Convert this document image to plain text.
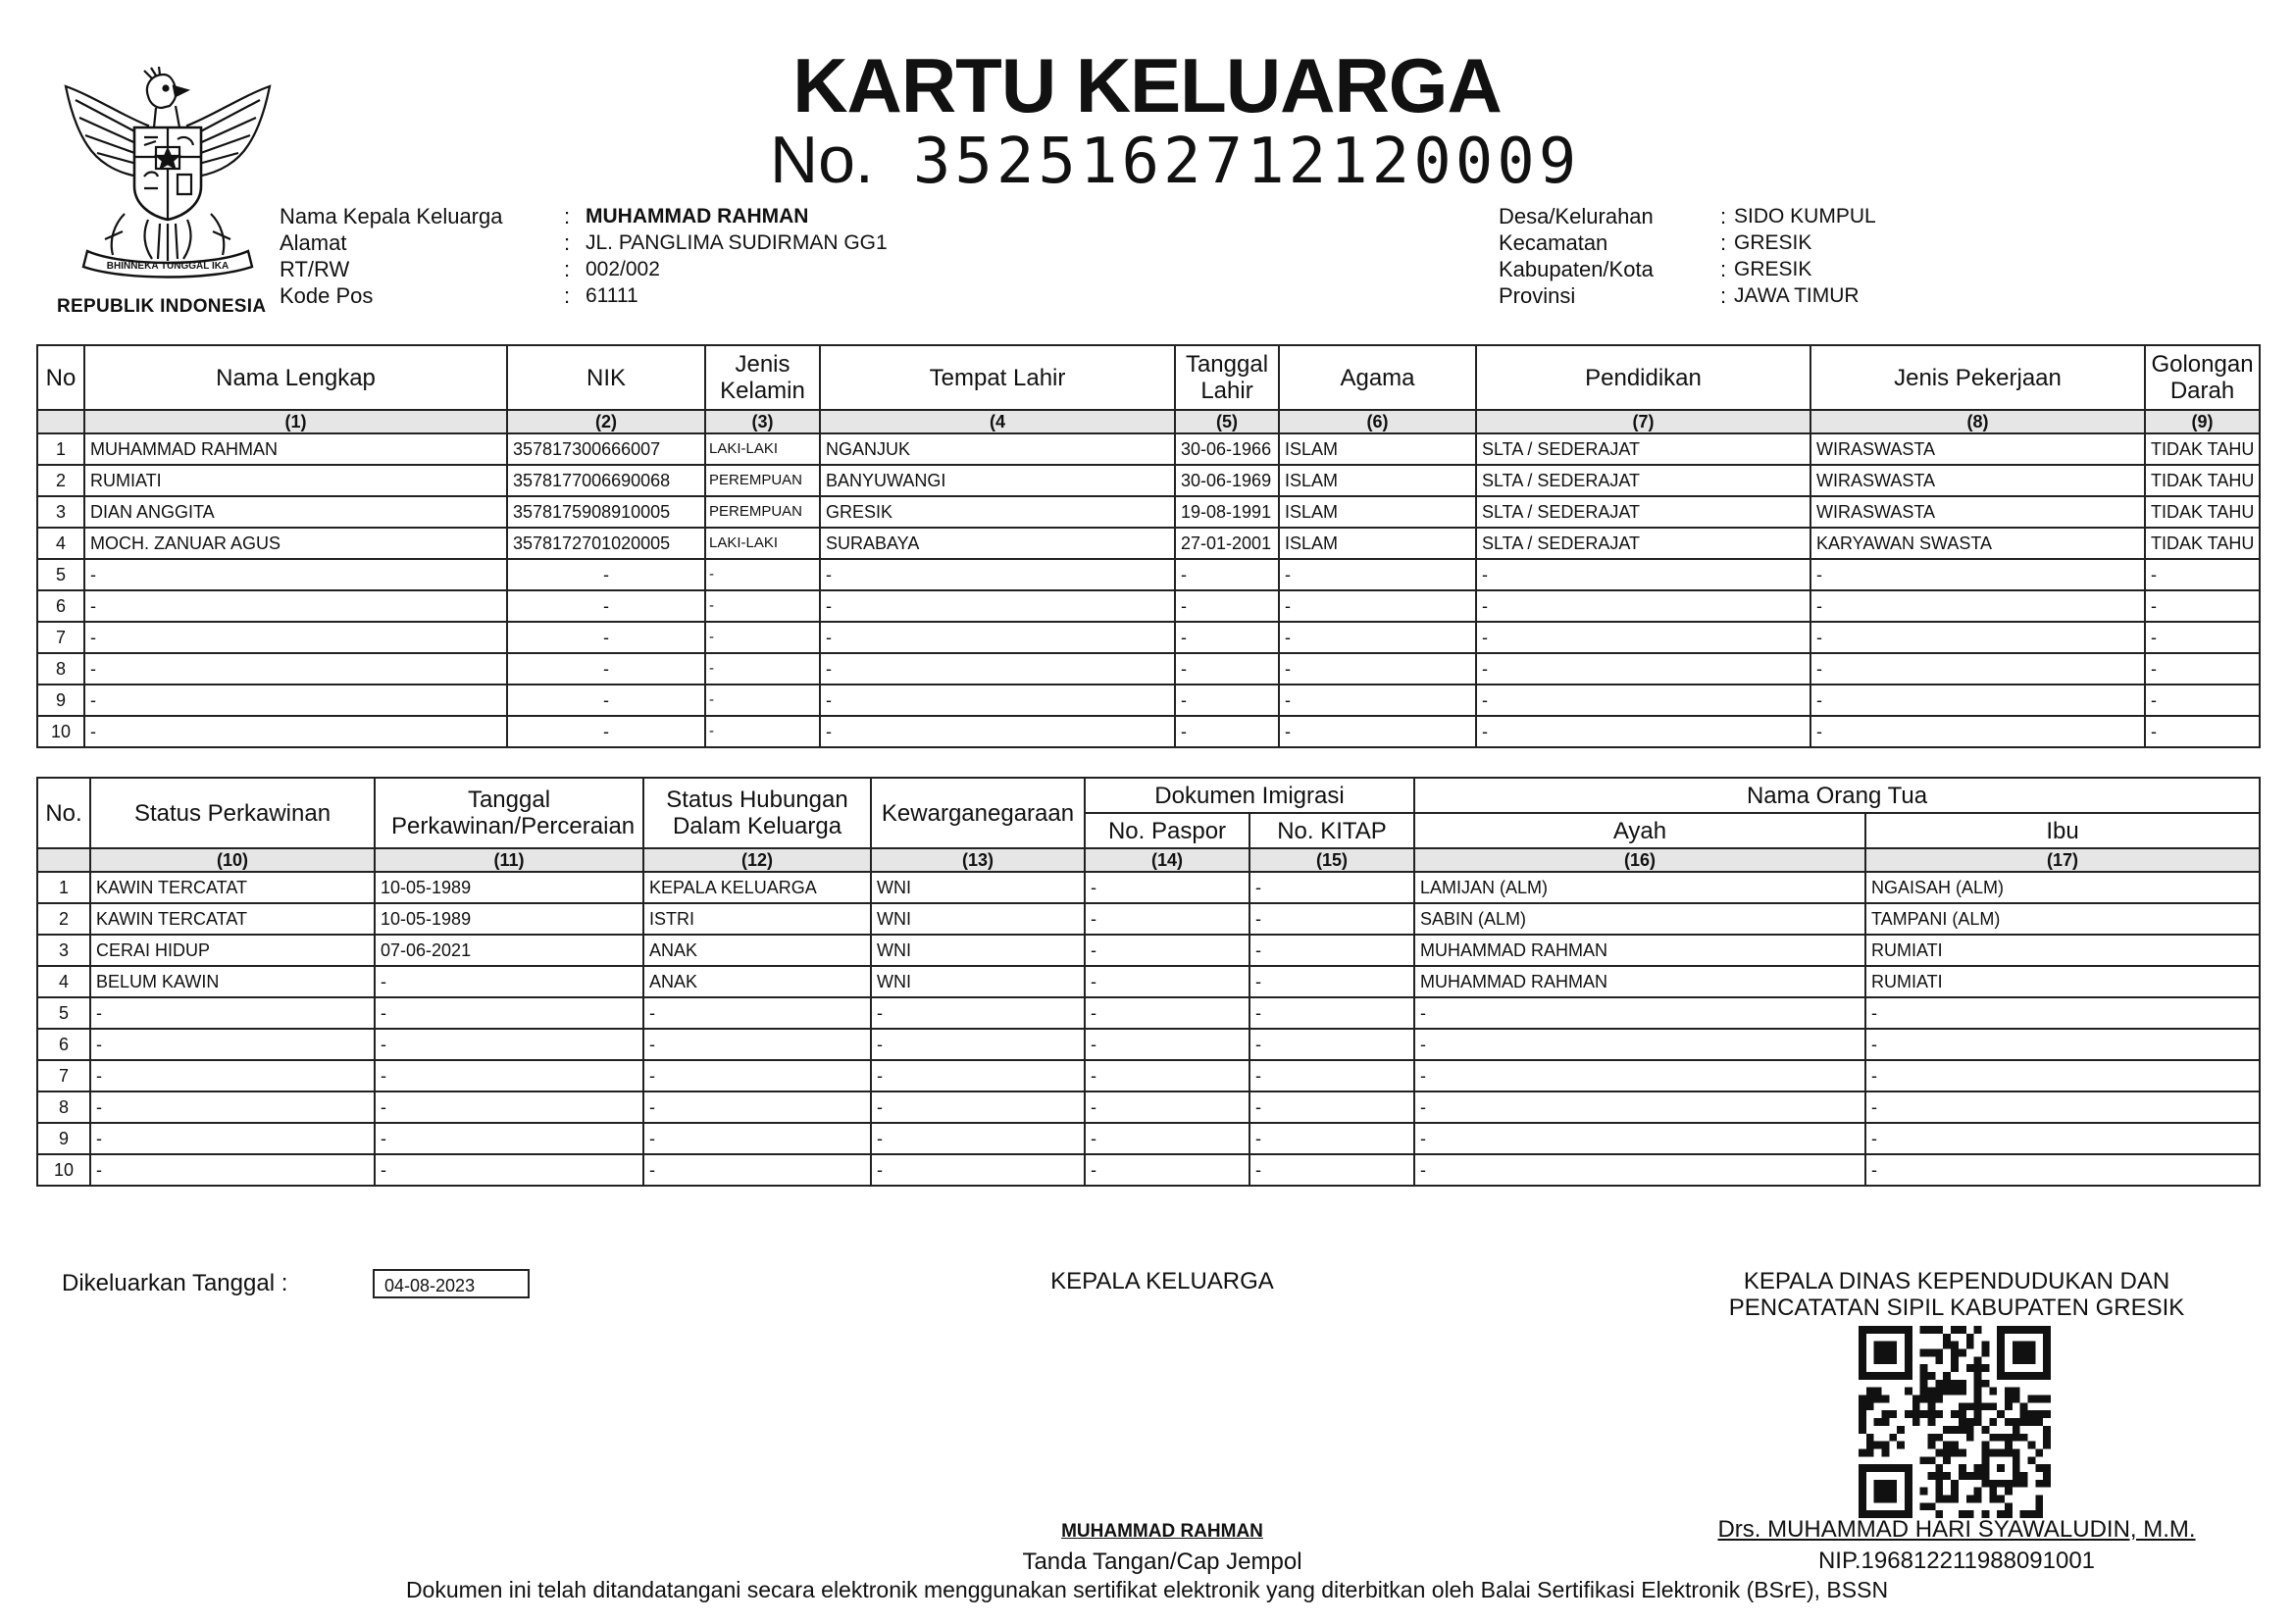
BHINNEKA TUNGGAL IKA
REPUBLIK INDONESIA
KARTU KELUARGA
No. 3525162712120009
Nama Kepala Keluarga	: MUHAMMAD RAHMAN
Alamat	: JL. PANGLIMA SUDIRMAN GG1
RT/RW	: 002/002
Kode Pos	: 61111
Desa/Kelurahan	: SIDO KUMPUL
Kecamatan	: GRESIK
Kabupaten/Kota	: GRESIK
Provinsi	: JAWA TIMUR
No	Nama Lengkap	NIK	Jenis Kelamin	Tempat Lahir	Tanggal Lahir	Agama	Pendidikan	Jenis Pekerjaan	Golongan Darah
	(1)	(2)	(3)	(4	(5)	(6)	(7)	(8)	(9)
1	MUHAMMAD RAHMAN	357817300666007	LAKI-LAKI	NGANJUK	30-06-1966	ISLAM	SLTA / SEDERAJAT	WIRASWASTA	TIDAK TAHU
2	RUMIATI	3578177006690068	PEREMPUAN	BANYUWANGI	30-06-1969	ISLAM	SLTA / SEDERAJAT	WIRASWASTA	TIDAK TAHU
3	DIAN ANGGITA	3578175908910005	PEREMPUAN	GRESIK	19-08-1991	ISLAM	SLTA / SEDERAJAT	WIRASWASTA	TIDAK TAHU
4	MOCH. ZANUAR AGUS	3578172701020005	LAKI-LAKI	SURABAYA	27-01-2001	ISLAM	SLTA / SEDERAJAT	KARYAWAN SWASTA	TIDAK TAHU
5	-	-	-	-	-	-	-	-	-
6	-	-	-	-	-	-	-	-	-
7	-	-	-	-	-	-	-	-	-
8	-	-	-	-	-	-	-	-	-
9	-	-	-	-	-	-	-	-	-
10	-	-	-	-	-	-	-	-	-
No.	Status Perkawinan	Tanggal Perkawinan/Perceraian	Status Hubungan Dalam Keluarga	Kewarganegaraan	Dokumen Imigrasi		Nama Orang Tua	
					No. Paspor	No. KITAP	Ayah	Ibu
	(10)	(11)	(12)	(13)	(14)	(15)	(16)	(17)
1	KAWIN TERCATAT	10-05-1989	KEPALA KELUARGA	WNI	-	-	LAMIJAN (ALM)	NGAISAH (ALM)
2	KAWIN TERCATAT	10-05-1989	ISTRI	WNI	-	-	SABIN (ALM)	TAMPANI (ALM)
3	CERAI HIDUP	07-06-2021	ANAK	WNI	-	-	MUHAMMAD RAHMAN	RUMIATI
4	BELUM KAWIN	-	ANAK	WNI	-	-	MUHAMMAD RAHMAN	RUMIATI
5	-	-	-	-	-	-	-	-
6	-	-	-	-	-	-	-	-
7	-	-	-	-	-	-	-	-
8	-	-	-	-	-	-	-	-
9	-	-	-	-	-	-	-	-
10	-	-	-	-	-	-	-	-
Dikeluarkan Tanggal :	04-08-2023	KEPALA KELUARGA
MUHAMMAD RAHMAN
Tanda Tangan/Cap Jempol
KEPALA DINAS KEPENDUDUKAN DAN
PENCATATAN SIPIL KABUPATEN GRESIK
Drs. MUHAMMAD HARI SYAWALUDIN, M.M.
NIP.196812211988091001
Dokumen ini telah ditandatangani secara elektronik menggunakan sertifikat elektronik yang diterbitkan oleh Balai Sertifikasi Elektronik (BSrE), BSSN
